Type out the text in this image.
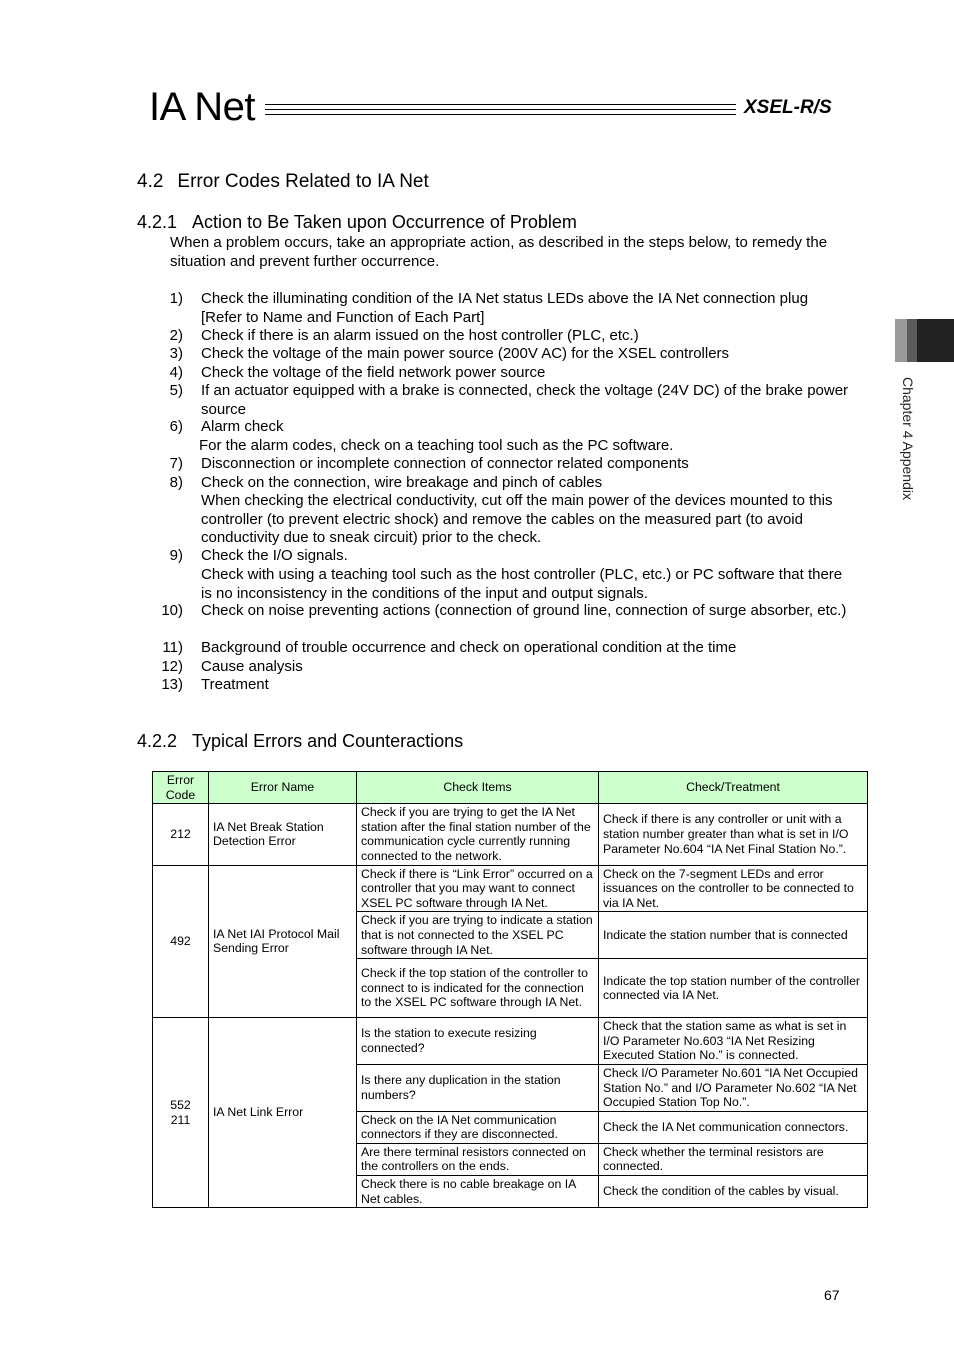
IA Net	XSEL-R/S
4.2 Error Codes Related to IA Net
4.2.1 Action to Be Taken upon Occurrence of Problem
When a problem occurs, take an appropriate action, as described in the steps below, to remedy the situation and prevent further occurrence.
1) Check the illuminating condition of the IA Net status LEDs above the IA Net connection plug [Refer to Name and Function of Each Part]
2) Check if there is an alarm issued on the host controller (PLC, etc.)
3) Check the voltage of the main power source (200V AC) for the XSEL controllers
4) Check the voltage of the field network power source
5) If an actuator equipped with a brake is connected, check the voltage (24V DC) of the brake power source
6) Alarm check
For the alarm codes, check on a teaching tool such as the PC software.
7) Disconnection or incomplete connection of connector related components
8) Check on the connection, wire breakage and pinch of cables
When checking the electrical conductivity, cut off the main power of the devices mounted to this controller (to prevent electric shock) and remove the cables on the measured part (to avoid conductivity due to sneak circuit) prior to the check.
9) Check the I/O signals.
Check with using a teaching tool such as the host controller (PLC, etc.) or PC software that there is no inconsistency in the conditions of the input and output signals.
10) Check on noise preventing actions (connection of ground line, connection of surge absorber, etc.)
11) Background of trouble occurrence and check on operational condition at the time
12) Cause analysis
13) Treatment
4.2.2 Typical Errors and Counteractions
Error Code	Error Name	Check Items	Check/Treatment
212	IA Net Break Station Detection Error	Check if you are trying to get the IA Net station after the final station number of the communication cycle currently running connected to the network.	Check if there is any controller or unit with a station number greater than what is set in I/O Parameter No.604 “IA Net Final Station No.”.
492	IA Net IAI Protocol Mail Sending Error	Check if there is “Link Error” occurred on a controller that you may want to connect XSEL PC software through IA Net.	Check on the 7-segment LEDs and error issuances on the controller to be connected to via IA Net.
		Check if you are trying to indicate a station that is not connected to the XSEL PC software through IA Net.	Indicate the station number that is connected
		Check if the top station of the controller to connect to is indicated for the connection to the XSEL PC software through IA Net.	Indicate the top station number of the controller connected via IA Net.
552
211	IA Net Link Error	Is the station to execute resizing connected?	Check that the station same as what is set in I/O Parameter No.603 “IA Net Resizing Executed Station No.” is connected.
		Is there any duplication in the station numbers?	Check I/O Parameter No.601 “IA Net Occupied Station No.” and I/O Parameter No.602 “IA Net Occupied Station Top No.”.
		Check on the IA Net communication connectors if they are disconnected.	Check the IA Net communication connectors.
		Are there terminal resistors connected on the controllers on the ends.	Check whether the terminal resistors are connected.
		Check there is no cable breakage on IA Net cables.	Check the condition of the cables by visual.
Chapter 4 Appendix
67
